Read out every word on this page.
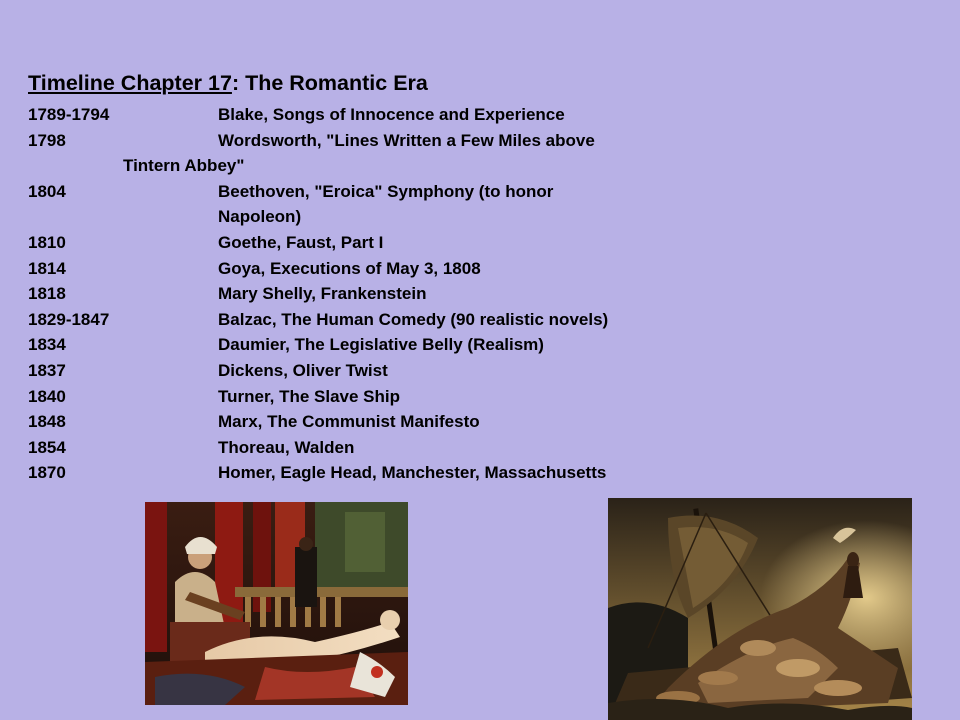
Timeline Chapter 17: The Romantic Era
1789-1794	Blake, Songs of Innocence and Experience
1798	Wordsworth, "Lines Written a Few Miles above
Tintern Abbey"
1804	Beethoven, "Eroica" Symphony (to honor
Napoleon)
1810	Goethe, Faust, Part I
1814	Goya, Executions of May 3, 1808
1818	Mary Shelly, Frankenstein
1829-1847	Balzac, The Human Comedy (90 realistic novels)
1834	Daumier, The Legislative Belly (Realism)
1837	Dickens, Oliver Twist
1840	Turner, The Slave Ship
1848	Marx, The Communist Manifesto
1854	Thoreau, Walden
1870	Homer, Eagle Head, Manchester, Massachusetts
